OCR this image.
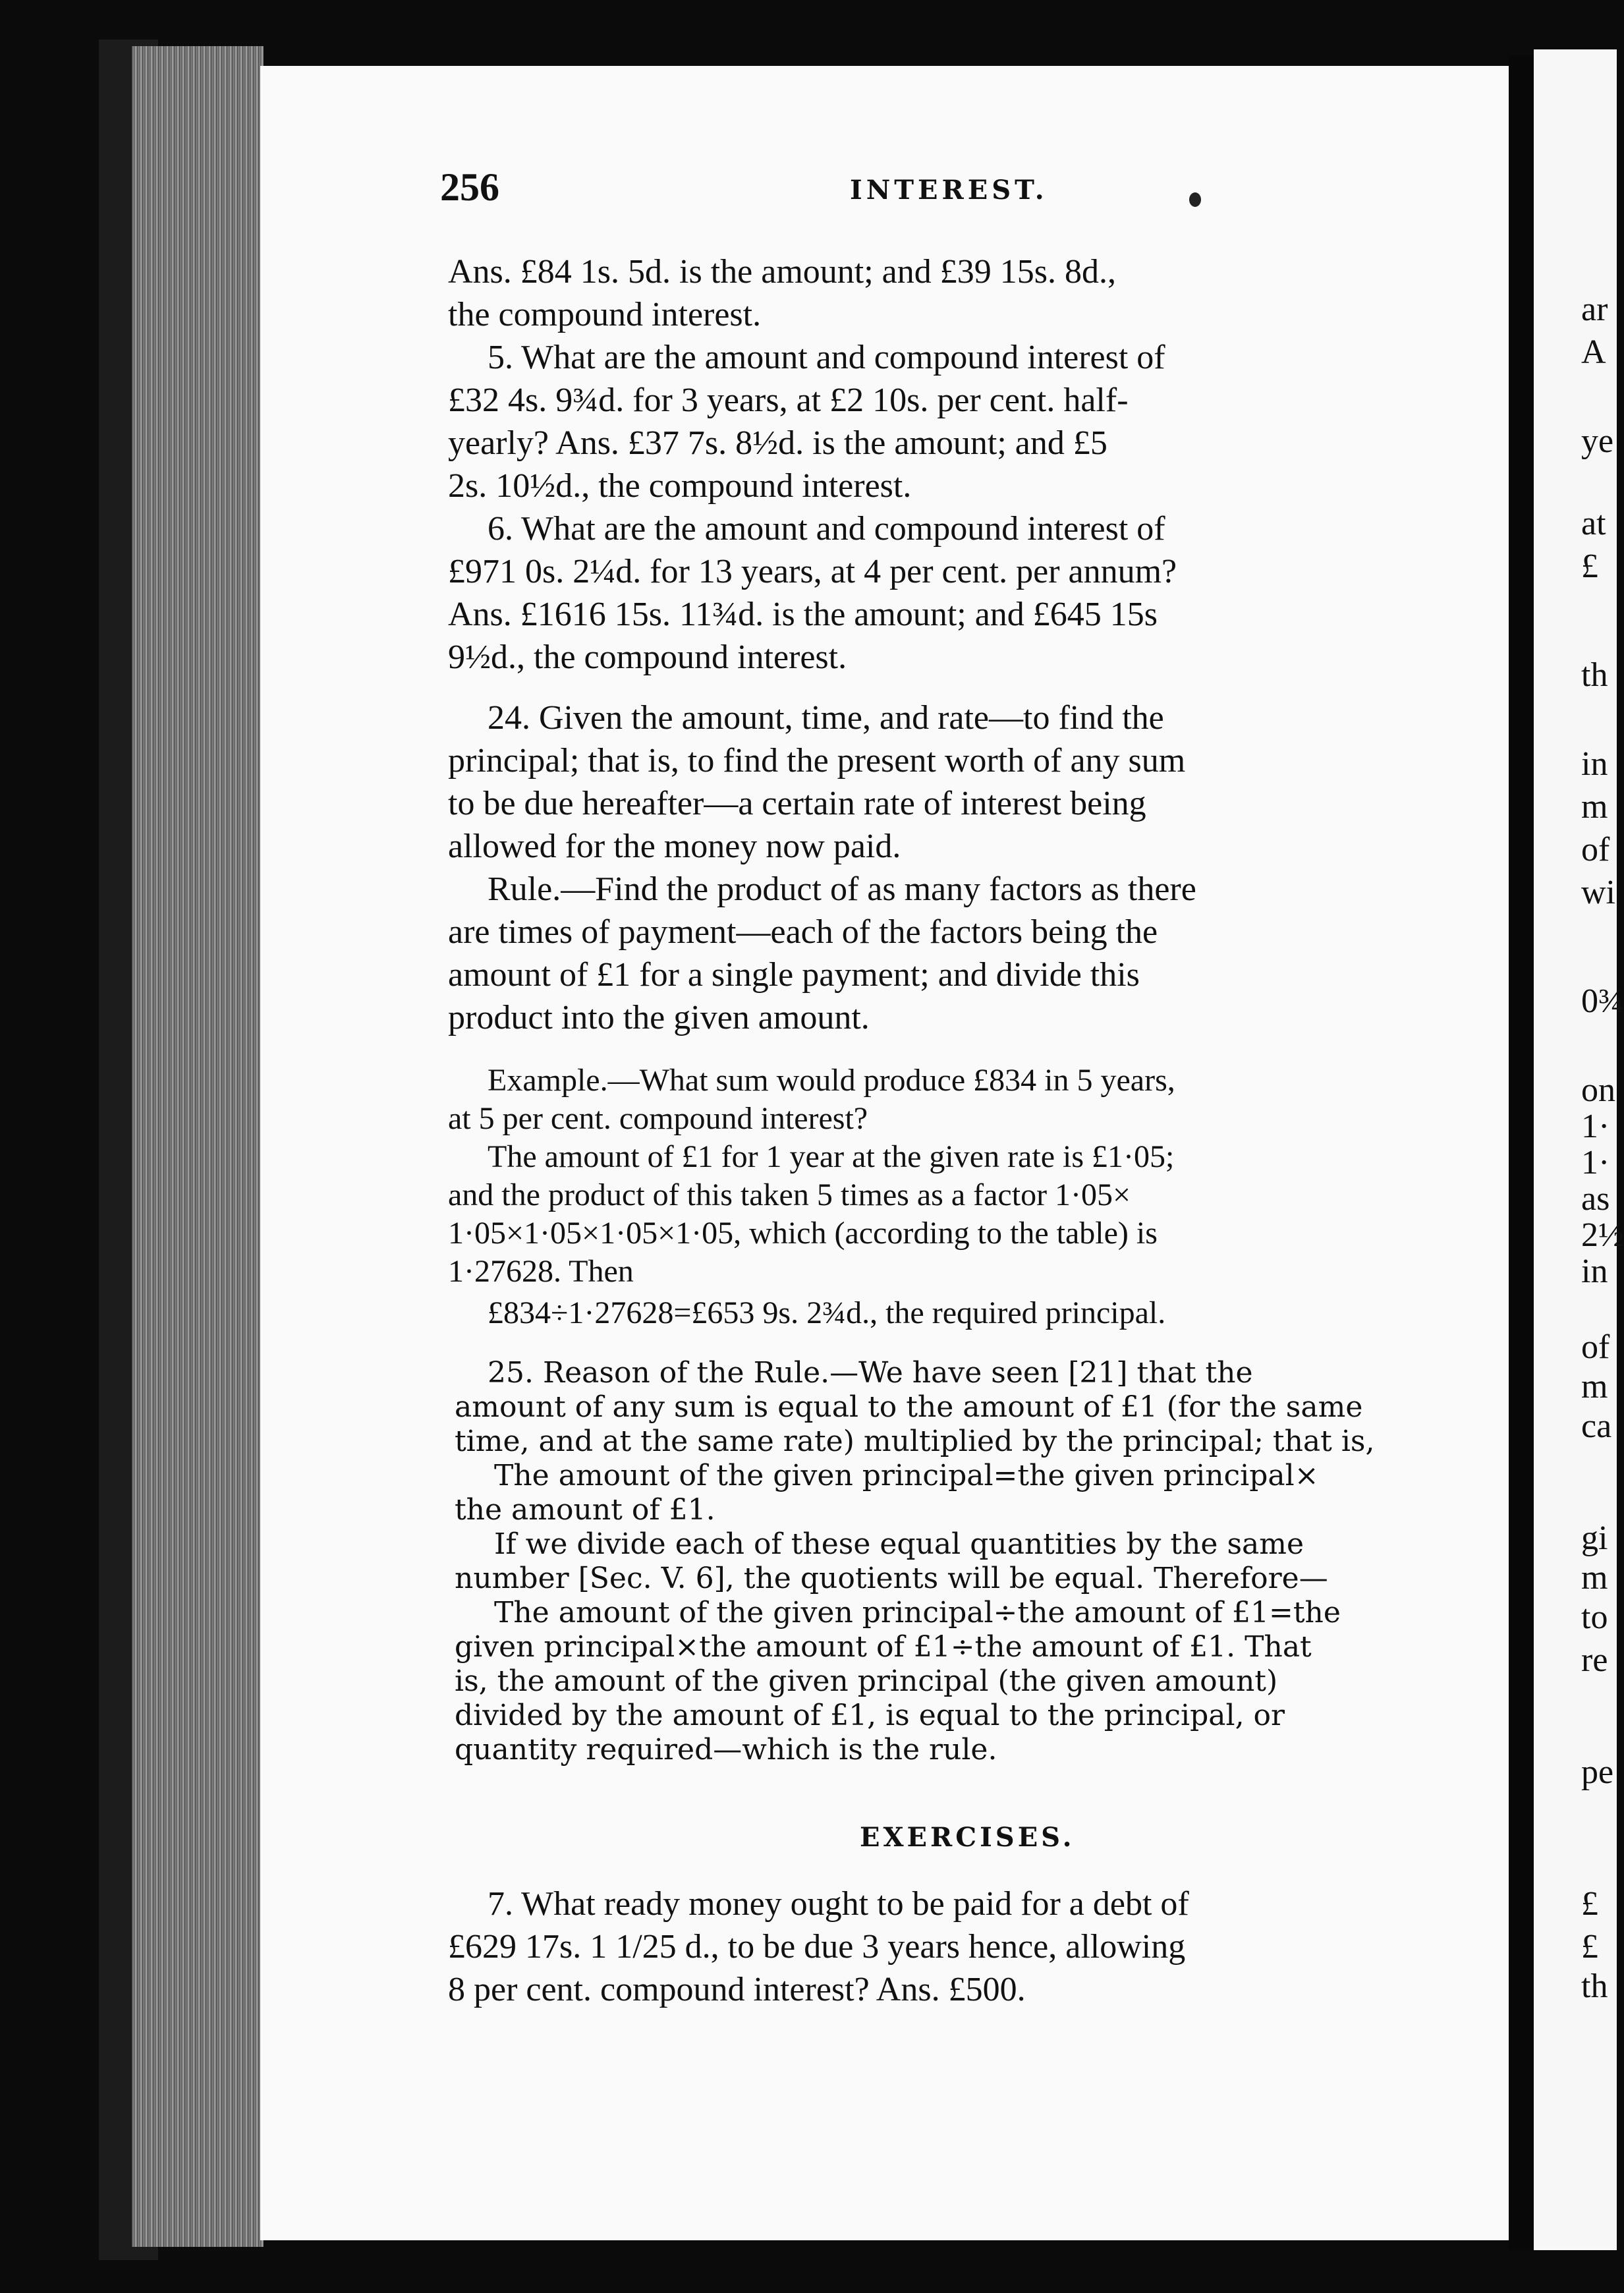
256	INTEREST.
Ans. £84 1s. 5d. is the amount; and £39 15s. 8d.,
the compound interest.
5. What are the amount and compound interest of
£32 4s. 9¾d. for 3 years, at £2 10s. per cent. half-
yearly? Ans. £37 7s. 8½d. is the amount; and £5
2s. 10½d., the compound interest.
6. What are the amount and compound interest of
£971 0s. 2¼d. for 13 years, at 4 per cent. per annum?
Ans. £1616 15s. 11¾d. is the amount; and £645 15s
9½d., the compound interest.
24. Given the amount, time, and rate—to find the
principal; that is, to find the present worth of any sum
to be due hereafter—a certain rate of interest being
allowed for the money now paid.
Rule.—Find the product of as many factors as there
are times of payment—each of the factors being the
amount of £1 for a single payment; and divide this
product into the given amount.
Example.—What sum would produce £834 in 5 years,
at 5 per cent. compound interest?
The amount of £1 for 1 year at the given rate is £1·05;
and the product of this taken 5 times as a factor 1·05×
1·05×1·05×1·05×1·05, which (according to the table) is
1·27628. Then
£834÷1·27628=£653 9s. 2¾d., the required principal.
25. Reason of the Rule.—We have seen [21] that the
amount of any sum is equal to the amount of £1 (for the same
time, and at the same rate) multiplied by the principal; that is,
The amount of the given principal=the given principal×
the amount of £1.
If we divide each of these equal quantities by the same
number [Sec. V. 6], the quotients will be equal. Therefore—
The amount of the given principal÷the amount of £1=the
given principal×the amount of £1÷the amount of £1. That
is, the amount of the given principal (the given amount)
divided by the amount of £1, is equal to the principal, or
quantity required—which is the rule.
EXERCISES.
7. What ready money ought to be paid for a debt of
£629 17s. 1 1/25 d., to be due 3 years hence, allowing
8 per cent. compound interest? Ans. £500.
ar
A
ye
at
£
th
in
m
of
wi
0¾
on
1·
1·
as
2½
in
of
m
ca
gi
m
to
re
pe
£
£
th
